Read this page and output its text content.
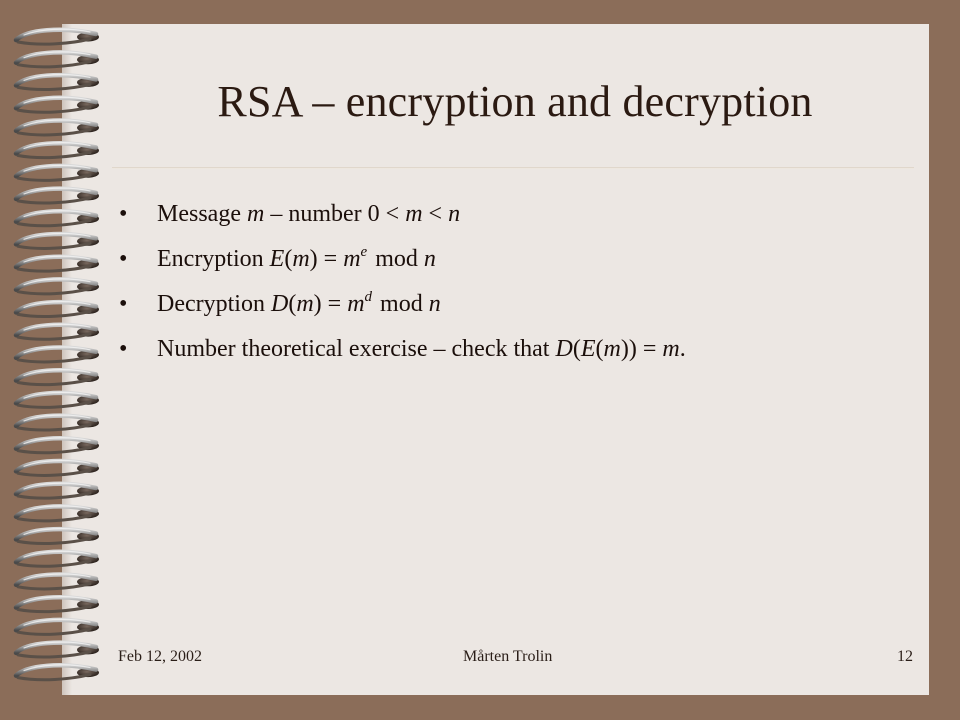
RSA – encryption and decryption
• Message m – number 0 < m < n
• Encryption $E(m) = m^e$ mod n
• Decryption $D(m) = m^d$ mod n
• Number theoretical exercise – check that D(E(m)) = m.
Feb 12, 2002	Mårten Trolin	12
